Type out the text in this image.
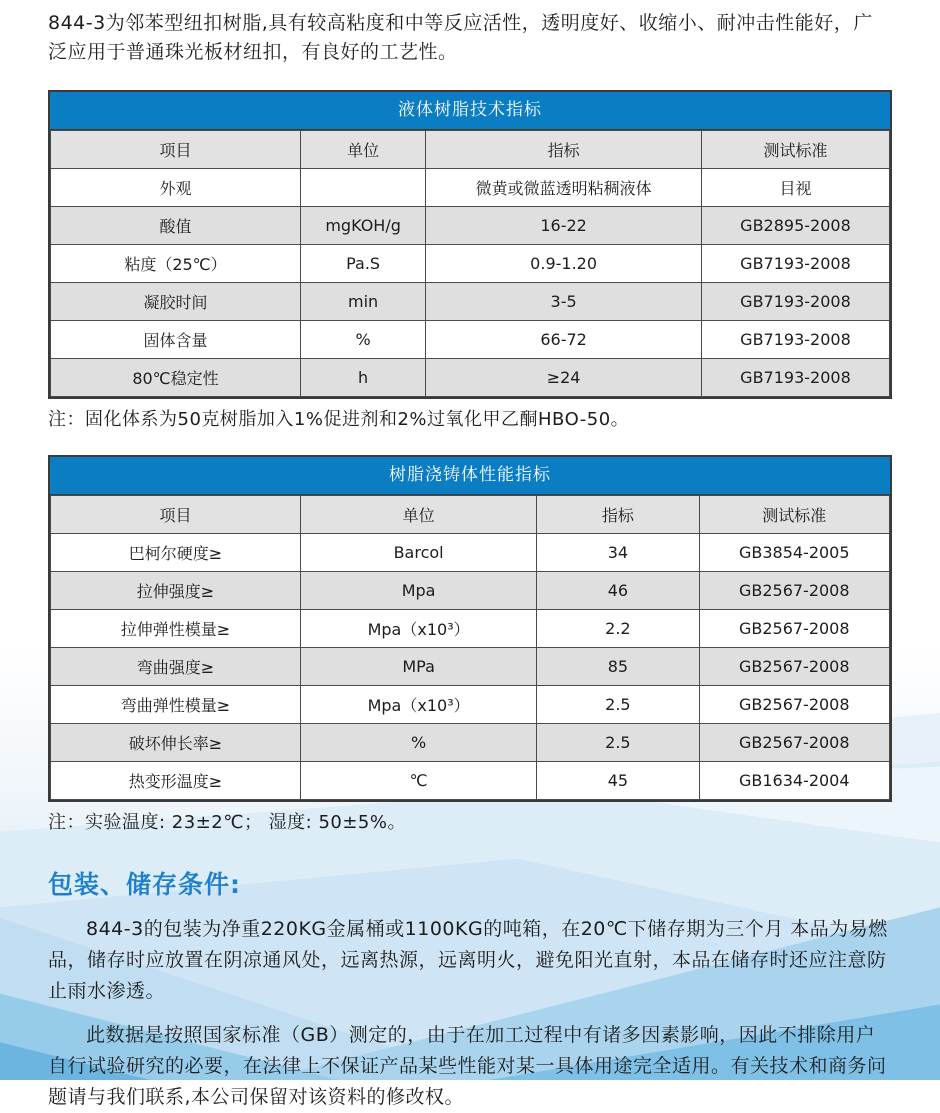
844-3为邻苯型纽扣树脂,具有较高粘度和中等反应活性，透明度好、收缩小、耐冲击性能好，广泛应用于普通珠光板材纽扣，有良好的工艺性。

液体树脂技术指标
项目	单位	指标	测试标准
外观		微黄或微蓝透明粘稠液体	目视
酸值	mgKOH/g	16-22	GB2895-2008
粘度（25℃）	Pa.S	0.9-1.20	GB7193-2008
凝胶时间	min	3-5	GB7193-2008
固体含量	%	66-72	GB7193-2008
80℃稳定性	h	≥24	GB7193-2008

注：固化体系为50克树脂加入1%促进剂和2%过氧化甲乙酮HBO-50。

树脂浇铸体性能指标
项目	单位	指标	测试标准
巴柯尔硬度≥	Barcol	34	GB3854-2005
拉伸强度≥	Mpa	46	GB2567-2008
拉伸弹性模量≥	Mpa（x10³）	2.2	GB2567-2008
弯曲强度≥	MPa	85	GB2567-2008
弯曲弹性模量≥	Mpa（x10³）	2.5	GB2567-2008
破坏伸长率≥	%	2.5	GB2567-2008
热变形温度≥	℃	45	GB1634-2004

注：实验温度: 23±2℃； 湿度: 50±5%。

包装、储存条件:

844-3的包装为净重220KG金属桶或1100KG的吨箱，在20℃下储存期为三个月 本品为易燃品，储存时应放置在阴凉通风处，远离热源，远离明火，避免阳光直射，本品在储存时还应注意防止雨水渗透。

此数据是按照国家标准（GB）测定的，由于在加工过程中有诸多因素影响，因此不排除用户自行试验研究的必要，在法律上不保证产品某些性能对某一具体用途完全适用。有关技术和商务问题请与我们联系,本公司保留对该资料的修改权。
